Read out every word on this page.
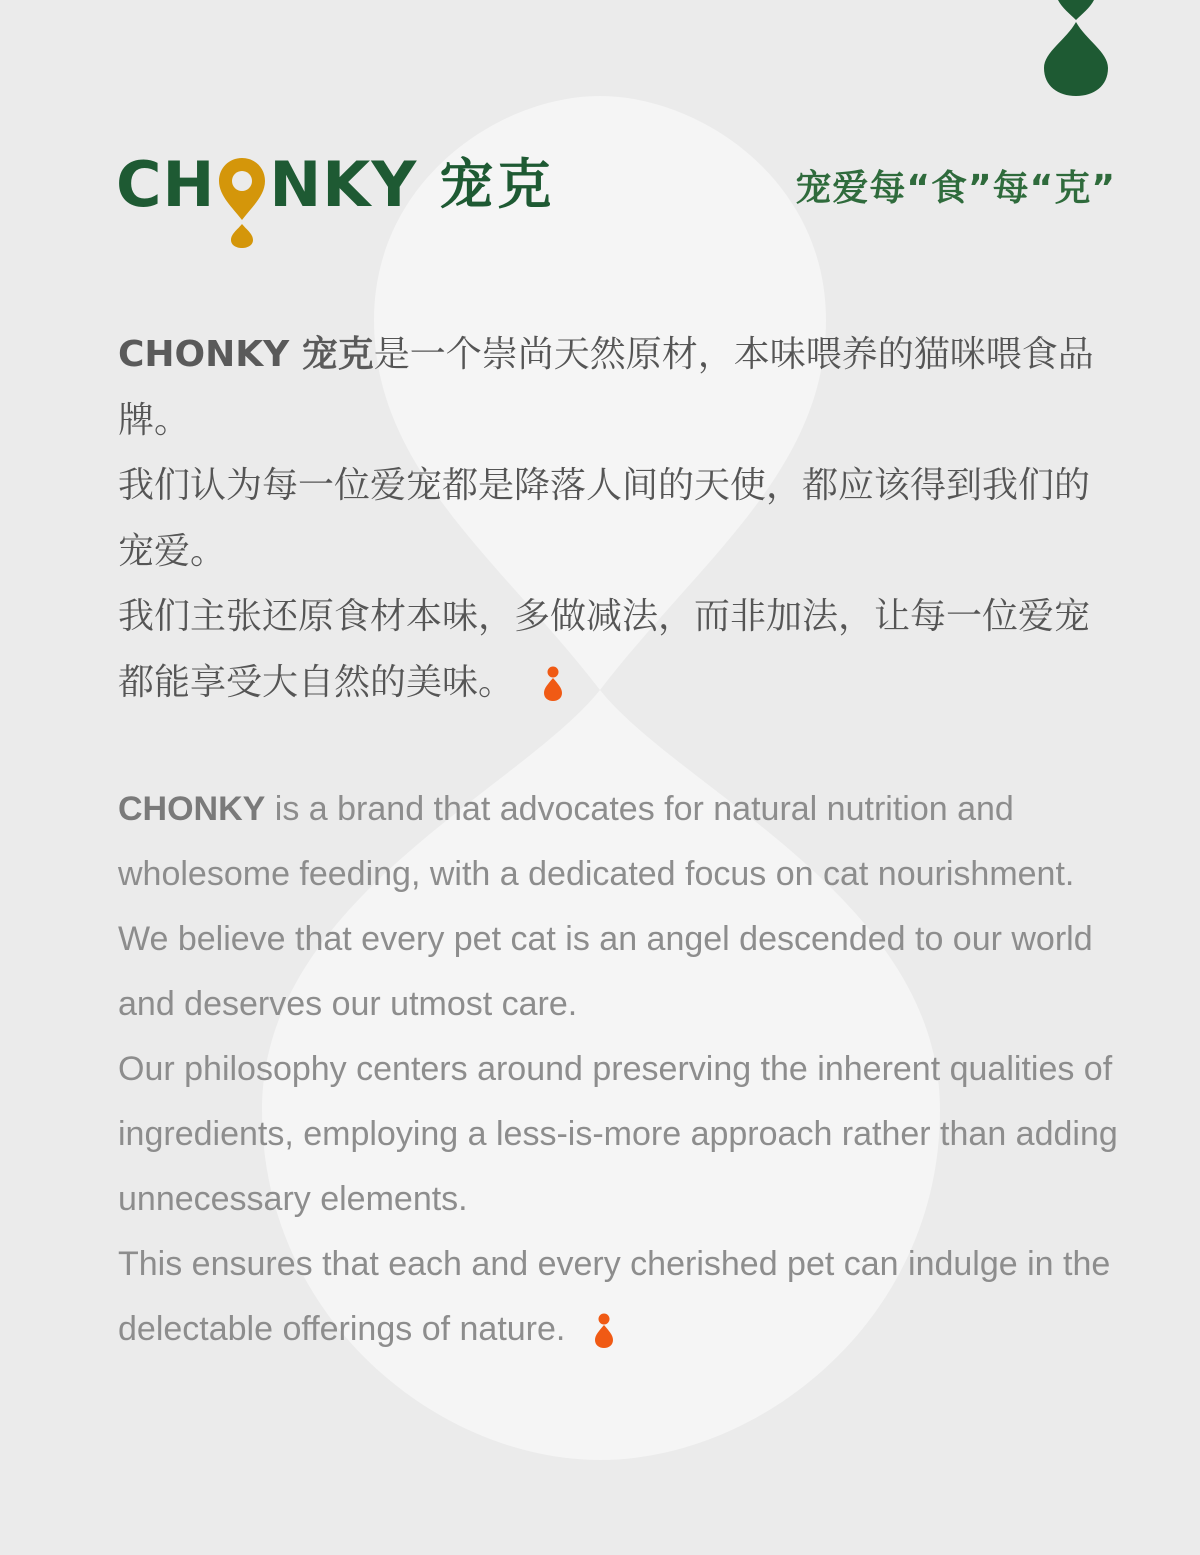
CH NKY 宠克	宠爱每“食”每“克”

CHONKY 宠克是一个崇尚天然原材，本味喂养的猫咪喂食品牌。

我们认为每一位爱宠都是降落人间的天使，都应该得到我们的宠爱。

我们主张还原食材本味，多做减法，而非加法，让每一位爱宠都能享受大自然的美味。

CHONKY is a brand that advocates for natural nutrition and wholesome feeding, with a dedicated focus on cat nourishment.

We believe that every pet cat is an angel descended to our world and deserves our utmost care.

Our philosophy centers around preserving the inherent qualities of ingredients, employing a less-is-more approach rather than adding unnecessary elements.

This ensures that each and every cherished pet can indulge in the delectable offerings of nature.
